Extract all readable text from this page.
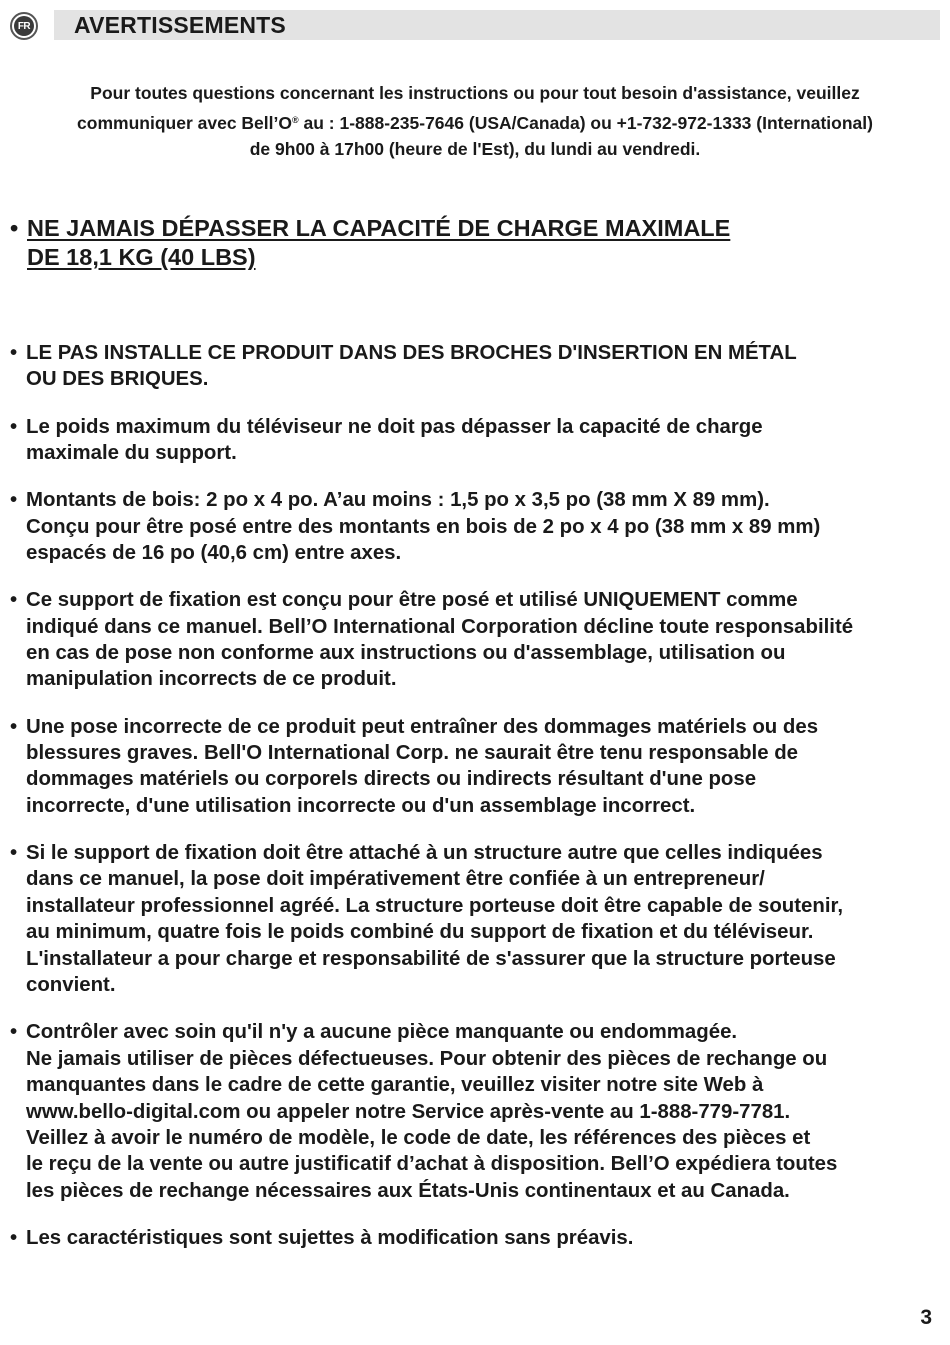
FR AVERTISSEMENTS
Pour toutes questions concernant les instructions ou pour tout besoin d'assistance, veuillez
communiquer avec Bell’O® au : 1-888-235-7646 (USA/Canada) ou +1-732-972-1333 (International)
de 9h00 à 17h00 (heure de l'Est), du lundi au vendredi.
• NE JAMAIS DÉPASSER LA CAPACITÉ DE CHARGE MAXIMALE
DE 18,1 KG (40 LBS)
• LE PAS INSTALLE CE PRODUIT DANS DES BROCHES D'INSERTION EN MÉTAL
OU DES BRIQUES.
• Le poids maximum du téléviseur ne doit pas dépasser la capacité de charge
maximale du support.
• Montants de bois: 2 po x 4 po. A’au moins : 1,5 po x 3,5 po (38 mm X 89 mm).
Conçu pour être posé entre des montants en bois de 2 po x 4 po (38 mm x 89 mm)
espacés de 16 po (40,6 cm) entre axes.
• Ce support de fixation est conçu pour être posé et utilisé UNIQUEMENT comme
indiqué dans ce manuel. Bell’O International Corporation décline toute responsabilité
en cas de pose non conforme aux instructions ou d'assemblage, utilisation ou
manipulation incorrects de ce produit.
• Une pose incorrecte de ce produit peut entraîner des dommages matériels ou des
blessures graves. Bell'O International Corp. ne saurait être tenu responsable de
dommages matériels ou corporels directs ou indirects résultant d'une pose
incorrecte, d'une utilisation incorrecte ou d'un assemblage incorrect.
• Si le support de fixation doit être attaché à un structure autre que celles indiquées
dans ce manuel, la pose doit impérativement être confiée à un entrepreneur/
installateur professionnel agréé. La structure porteuse doit être capable de soutenir,
au minimum, quatre fois le poids combiné du support de fixation et du téléviseur.
L'installateur a pour charge et responsabilité de s'assurer que la structure porteuse
convient.
• Contrôler avec soin qu'il n'y a aucune pièce manquante ou endommagée.
Ne jamais utiliser de pièces défectueuses. Pour obtenir des pièces de rechange ou
manquantes dans le cadre de cette garantie, veuillez visiter notre site Web à
www.bello-digital.com ou appeler notre Service après-vente au 1-888-779-7781.
Veillez à avoir le numéro de modèle, le code de date, les références des pièces et
le reçu de la vente ou autre justificatif d’achat à disposition. Bell’O expédiera toutes
les pièces de rechange nécessaires aux États-Unis continentaux et au Canada.
• Les caractéristiques sont sujettes à modification sans préavis.
3
